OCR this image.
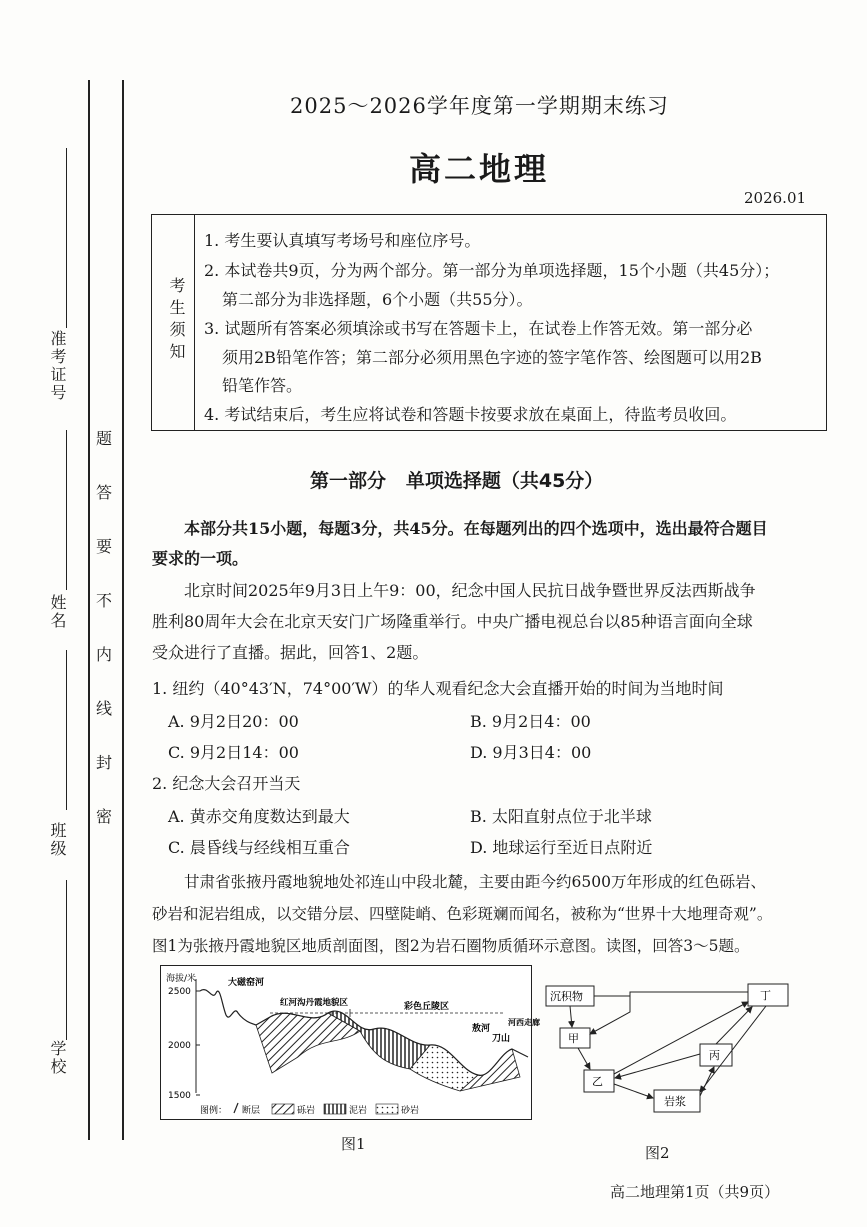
准考证号
姓名
班级
学校
题
答
要
不
内
线
封
密
2025～2026学年度第一学期期末练习
高二地理
2026.01
考生须知
1. 考生要认真填写考场号和座位序号。
2. 本试卷共9页，分为两个部分。第一部分为单项选择题，15个小题（共45分）；
第二部分为非选择题，6个小题（共55分）。
3. 试题所有答案必须填涂或书写在答题卡上，在试卷上作答无效。第一部分必
须用2B铅笔作答；第二部分必须用黑色字迹的签字笔作答、绘图题可以用2B
铅笔作答。
4. 考试结束后，考生应将试卷和答题卡按要求放在桌面上，待监考员收回。
第一部分   单项选择题（共45分）
本部分共15小题，每题3分，共45分。在每题列出的四个选项中，选出最符合题目
要求的一项。
北京时间2025年9月3日上午9：00，纪念中国人民抗日战争暨世界反法西斯战争
胜利80周年大会在北京天安门广场隆重举行。中央广播电视总台以85种语言面向全球
受众进行了直播。据此，回答1、2题。
1. 纽约（40°43′N，74°00′W）的华人观看纪念大会直播开始的时间为当地时间
A. 9月2日20：00	B. 9月2日4：00
C. 9月2日14：00	D. 9月3日4：00
2. 纪念大会召开当天
A. 黄赤交角度数达到最大	B. 太阳直射点位于北半球
C. 晨昏线与经线相互重合	D. 地球运行至近日点附近
甘肃省张掖丹霞地貌地处祁连山中段北麓，主要由距今约6500万年形成的红色砾岩、
砂岩和泥岩组成，以交错分层、四壁陡峭、色彩斑斓而闻名，被称为“世界十大地理奇观”。
图1为张掖丹霞地貌区地质剖面图，图2为岩石圈物质循环示意图。读图，回答3～5题。
海拔/米
2500
2000
1500
大磁窑河
红河沟丹霞地貌区	彩色丘陵区
敖河
刀山
河西走廊
图例： 断层	砾岩	泥岩	砂岩
图1
沉积物
甲
乙
岩浆
丙
丁
图2
高二地理第1页（共9页）
